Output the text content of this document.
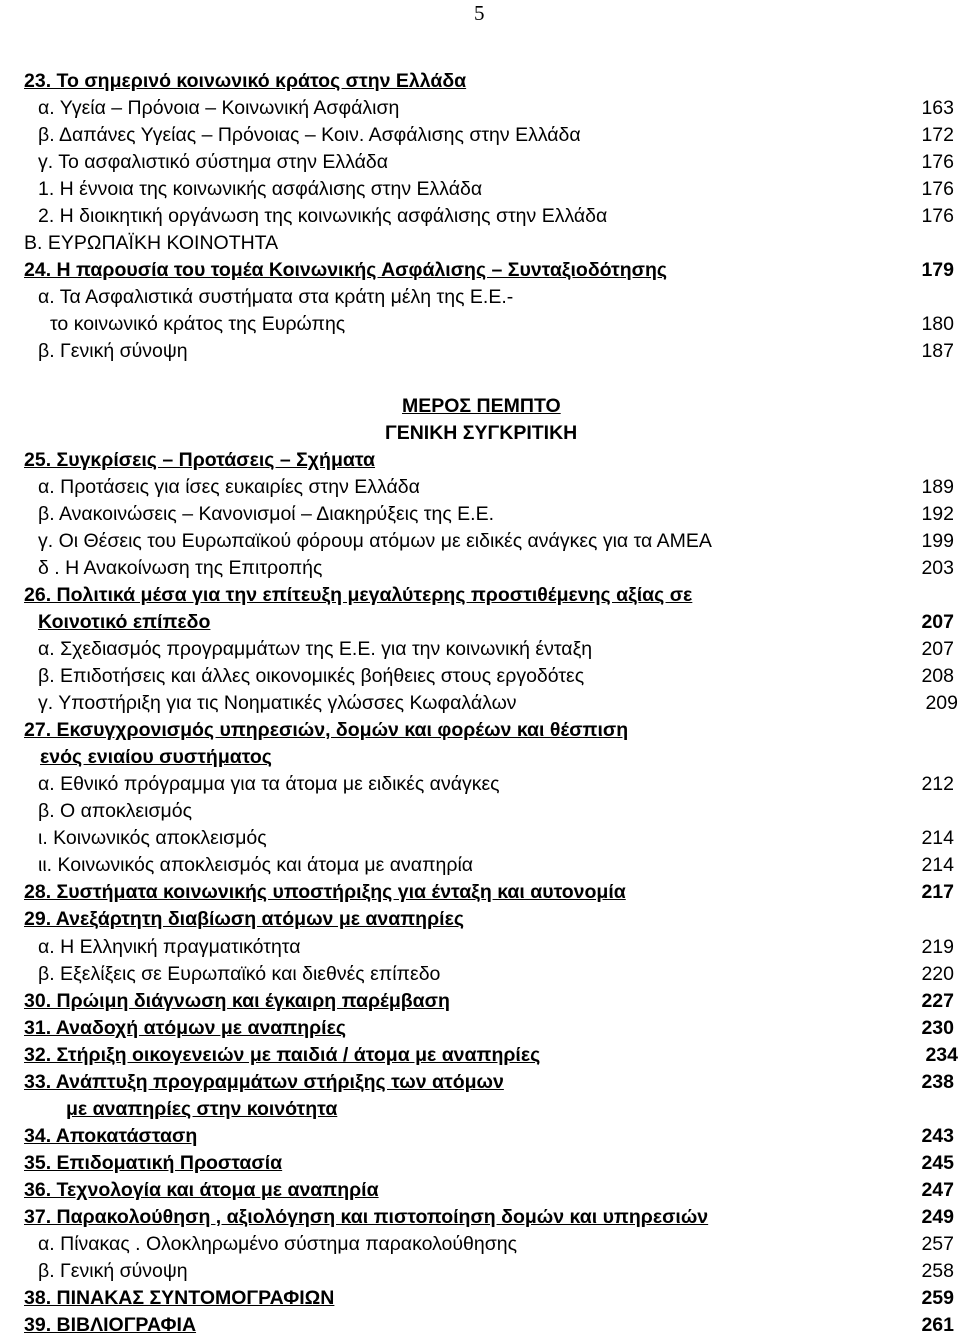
5
23. Το σημερινό κοινωνικό κράτος στην Ελλάδα
α. Υγεία – Πρόνοια – Κοινωνική Ασφάλιση	163
β. Δαπάνες Υγείας – Πρόνοιας – Κοιν. Ασφάλισης στην Ελλάδα	172
γ. Το ασφαλιστικό σύστημα στην Ελλάδα	176
1. Η έννοια της κοινωνικής ασφάλισης στην Ελλάδα	176
2. Η διοικητική οργάνωση της κοινωνικής ασφάλισης στην Ελλάδα	176
Β. ΕΥΡΩΠΑΪΚΗ ΚΟΙΝΟΤΗΤΑ
24. Η παρουσία του τομέα Κοινωνικής Ασφάλισης – Συνταξιοδότησης	179
α. Τα Ασφαλιστικά συστήματα στα κράτη μέλη της Ε.Ε.-
το κοινωνικό κράτος της Ευρώπης	180
β. Γενική σύνοψη	187
ΜΕΡΟΣ ΠΕΜΠΤΟ
ΓΕΝΙΚΗ ΣΥΓΚΡΙΤΙΚΗ
25. Συγκρίσεις – Προτάσεις – Σχήματα
α. Προτάσεις για ίσες ευκαιρίες στην Ελλάδα	189
β. Ανακοινώσεις – Κανονισμοί – Διακηρύξεις της Ε.Ε.	192
γ. Οι Θέσεις του Ευρωπαϊκού φόρουμ ατόμων με ειδικές ανάγκες για τα ΑΜΕΑ	199
δ . Η Ανακοίνωση της Επιτροπής	203
26. Πολιτικά μέσα για την επίτευξη μεγαλύτερης προστιθέμενης αξίας σε
Κοινοτικό επίπεδο	207
α. Σχεδιασμός προγραμμάτων της Ε.Ε. για την κοινωνική ένταξη	207
β. Επιδοτήσεις και άλλες οικονομικές βοήθειες στους εργοδότες	208
γ. Υποστήριξη για τις Νοηματικές γλώσσες Κωφαλάλων	209
27. Εκσυγχρονισμός υπηρεσιών, δομών και φορέων και θέσπιση
ενός ενιαίου συστήματος
α. Εθνικό πρόγραμμα για τα άτομα με ειδικές ανάγκες	212
β. Ο αποκλεισμός
ι. Κοινωνικός αποκλεισμός	214
ιι. Κοινωνικός αποκλεισμός και άτομα με αναπηρία	214
28. Συστήματα κοινωνικής υποστήριξης για ένταξη και αυτονομία	217
29. Ανεξάρτητη διαβίωση ατόμων με αναπηρίες
α. Η Ελληνική πραγματικότητα	219
β. Εξελίξεις σε Ευρωπαϊκό και διεθνές επίπεδο	220
30. Πρώιμη διάγνωση και έγκαιρη παρέμβαση	227
31. Αναδοχή ατόμων με αναπηρίες	230
32. Στήριξη οικογενειών με παιδιά / άτομα με αναπηρίες	234
33. Ανάπτυξη προγραμμάτων στήριξης των ατόμων	238
με αναπηρίες στην κοινότητα
34. Αποκατάσταση	243
35. Επιδοματική Προστασία	245
36. Τεχνολογία και άτομα με αναπηρία	247
37. Παρακολούθηση , αξιολόγηση και πιστοποίηση δομών και υπηρεσιών	249
α. Πίνακας . Ολοκληρωμένο σύστημα παρακολούθησης	257
β. Γενική σύνοψη	258
38. ΠΙΝΑΚΑΣ ΣΥΝΤΟΜΟΓΡΑΦΙΩΝ	259
39. ΒΙΒΛΙΟΓΡΑΦΙΑ	261
